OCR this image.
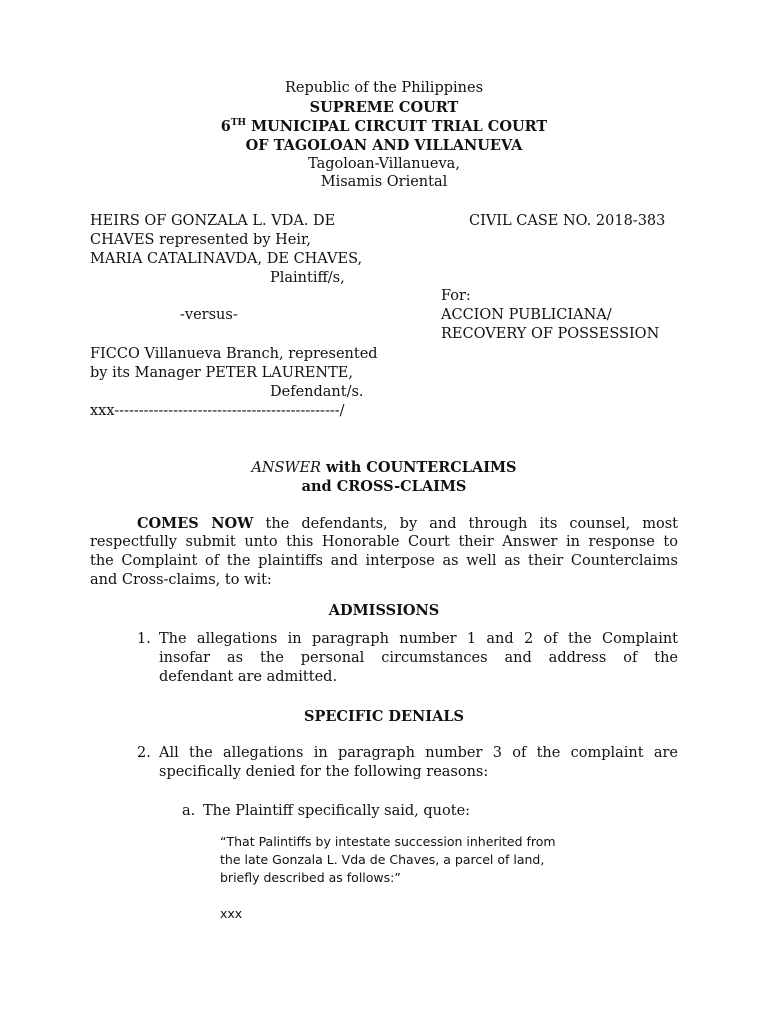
Republic of the Philippines
SUPREME COURT
6TH MUNICIPAL CIRCUIT TRIAL COURT
OF TAGOLOAN AND VILLANUEVA
Tagoloan-Villanueva,
Misamis Oriental
HEIRS OF GONZALA L. VDA. DE
CHAVES represented by Heir,
MARIA CATALINAVDA, DE CHAVES,
Plaintiff/s,
-versus-
FICCO Villanueva Branch, represented
by its Manager PETER LAURENTE,
Defendant/s.
xxx----------------------------------------------/
CIVIL CASE NO. 2018-383
For:
ACCION PUBLICIANA/
RECOVERY OF POSSESSION
ANSWER with COUNTERCLAIMS
and CROSS-CLAIMS
COMES NOW the defendants, by and through its counsel, most
respectfully submit unto this Honorable Court their Answer in response to
the Complaint of the plaintiffs and interpose as well as their Counterclaims
and Cross-claims, to wit:
ADMISSIONS
1. The allegations in paragraph number 1 and 2 of the Complaint
insofar as the personal circumstances and address of the
defendant are admitted.
SPECIFIC DENIALS
2. All the allegations in paragraph number 3 of the complaint are
specifically denied for the following reasons:
a. The Plaintiff specifically said, quote:
“That Palintiffs by intestate succession inherited from
the late Gonzala L. Vda de Chaves, a parcel of land,
briefly described as follows:”
xxx
